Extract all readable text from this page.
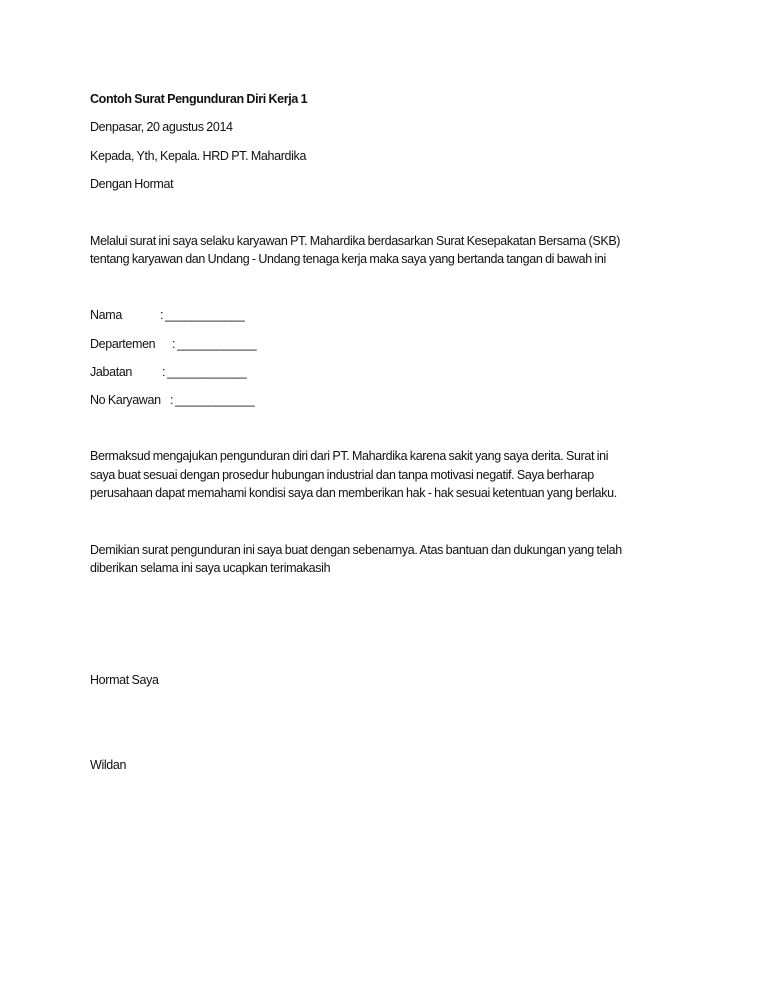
Contoh Surat Pengunduran Diri Kerja 1
Denpasar, 20 agustus 2014
Kepada, Yth, Kepala. HRD PT. Mahardika
Dengan Hormat
Melalui surat ini saya selaku karyawan PT. Mahardika berdasarkan Surat Kesepakatan Bersama (SKB)
tentang karyawan dan Undang - Undang tenaga kerja maka saya yang bertanda tangan di bawah ini
Nama	: ____________
Departemen	: ____________
Jabatan	: ____________
No Karyawan : ____________
Bermaksud mengajukan pengunduran diri dari PT. Mahardika karena sakit yang saya derita. Surat ini
saya buat sesuai dengan prosedur hubungan industrial dan tanpa motivasi negatif. Saya berharap
perusahaan dapat memahami kondisi saya dan memberikan hak - hak sesuai ketentuan yang berlaku.
Demikian surat pengunduran ini saya buat dengan sebenarnya. Atas bantuan dan dukungan yang telah
diberikan selama ini saya ucapkan terimakasih
Hormat Saya
Wildan
